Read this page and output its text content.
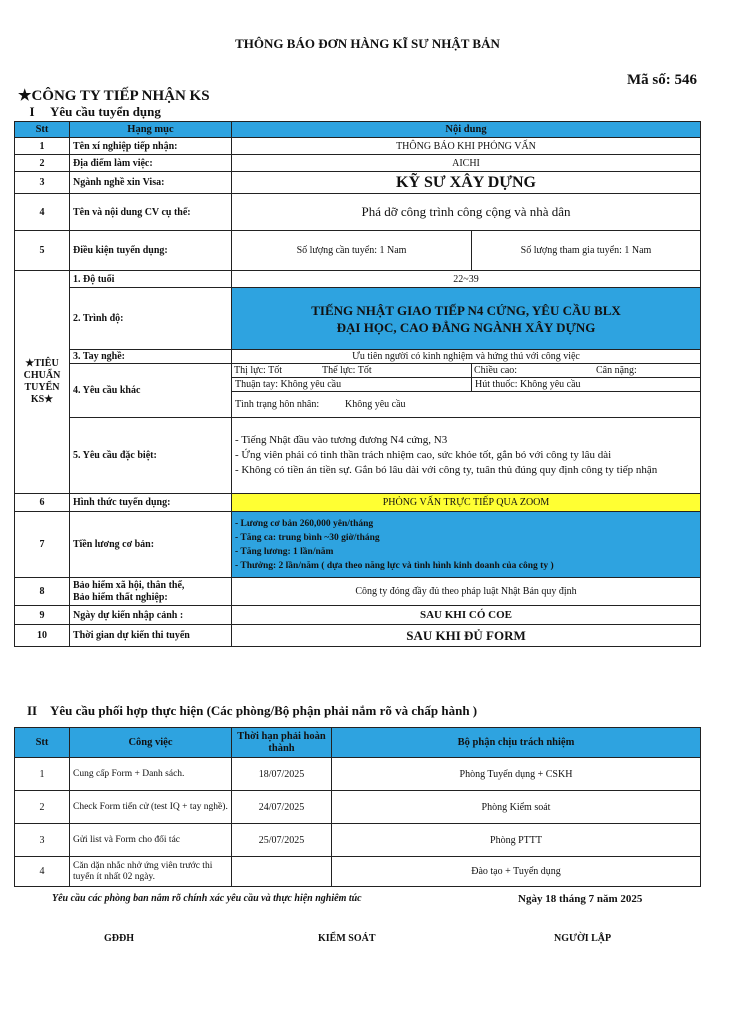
THÔNG BÁO ĐƠN HÀNG KĨ SƯ NHẬT BẢN
Mã số: 546
★CÔNG TY TIẾP NHẬN KS
I Yêu cầu tuyển dụng
Stt	Hạng mục	Nội dung	
1	Tên xí nghiệp tiếp nhận:	THÔNG BÁO KHI PHỎNG VẤN	
2	Địa điểm làm việc:	AICHI	
3	Ngành nghề xin Visa:	KỸ SƯ XÂY DỰNG	
4	Tên và nội dung CV cụ thể:	Phá dỡ công trình công cộng và nhà dân	
5	Điều kiện tuyển dụng:	Số lượng cần tuyển: 1 Nam	Số lượng tham gia tuyển: 1 Nam
★TIÊU CHUẨN TUYỂN KS★	1. Độ tuổi	22~39	
	2. Trình độ:	TIẾNG NHẬT GIAO TIẾP N4 CỨNG, YÊU CẦU BLX
ĐẠI HỌC, CAO ĐẲNG NGÀNH XÂY DỰNG	

	3. Tay nghề:	Ưu tiên người có kinh nghiệm và hứng thú với công việc	
	4. Yêu cầu khác	Thị lực: Tốt Thể lực: Tốt	Chiều cao: Cân nặng:
		Thuận tay: Không yêu cầu	Hút thuốc: Không yêu cầu
		Tình trạng hôn nhân: Không yêu cầu	
	5. Yêu cầu đặc biệt:	- Tiếng Nhật đầu vào tương đương N4 cứng, N3
- Ứng viên phải có tinh thần trách nhiệm cao, sức khỏe tốt, gắn bó với công ty lâu dài
- Không có tiền án tiền sự. Gắn bó lâu dài với công ty, tuân thủ đúng quy định công ty tiếp nhận	

6	Hình thức tuyển dụng:	PHỎNG VẤN TRỰC TIẾP QUA ZOOM	
7	Tiền lương cơ bản:	- Lương cơ bản 260,000 yên/tháng
- Tăng ca: trung bình ~30 giờ/tháng
- Tăng lương: 1 lần/năm
- Thưởng: 2 lần/năm ( dựa theo năng lực và tình hình kinh doanh của công ty )	

8	Bảo hiểm xã hội, thân thể,
Bảo hiểm thất nghiệp:	Công ty đóng đầy đủ theo pháp luật Nhật Bản quy định	
9	Ngày dự kiến nhập cảnh :	SAU KHI CÓ COE	
10	Thời gian dự kiến thi tuyển	SAU KHI ĐỦ FORM	
II Yêu cầu phối hợp thực hiện (Các phòng/Bộ phận phải nắm rõ và chấp hành )
Stt	Công việc	Thời hạn phải hoàn thành	Bộ phận chịu trách nhiệm
1	Cung cấp Form + Danh sách.	18/07/2025	Phòng Tuyển dụng + CSKH
2	Check Form tiến cử (test IQ + tay nghề).	24/07/2025	Phòng Kiểm soát
3	Gửi list và Form cho đối tác	25/07/2025	Phòng PTTT
4	Căn dặn nhắc nhở ứng viên trước thi tuyển ít nhất 02 ngày.		Đào tạo + Tuyển dụng
Yêu cầu các phòng ban nắm rõ chính xác yêu cầu và thực hiện nghiêm túc	Ngày 18 tháng 7 năm 2025
GĐĐH	KIỂM SOÁT	NGƯỜI LẬP
